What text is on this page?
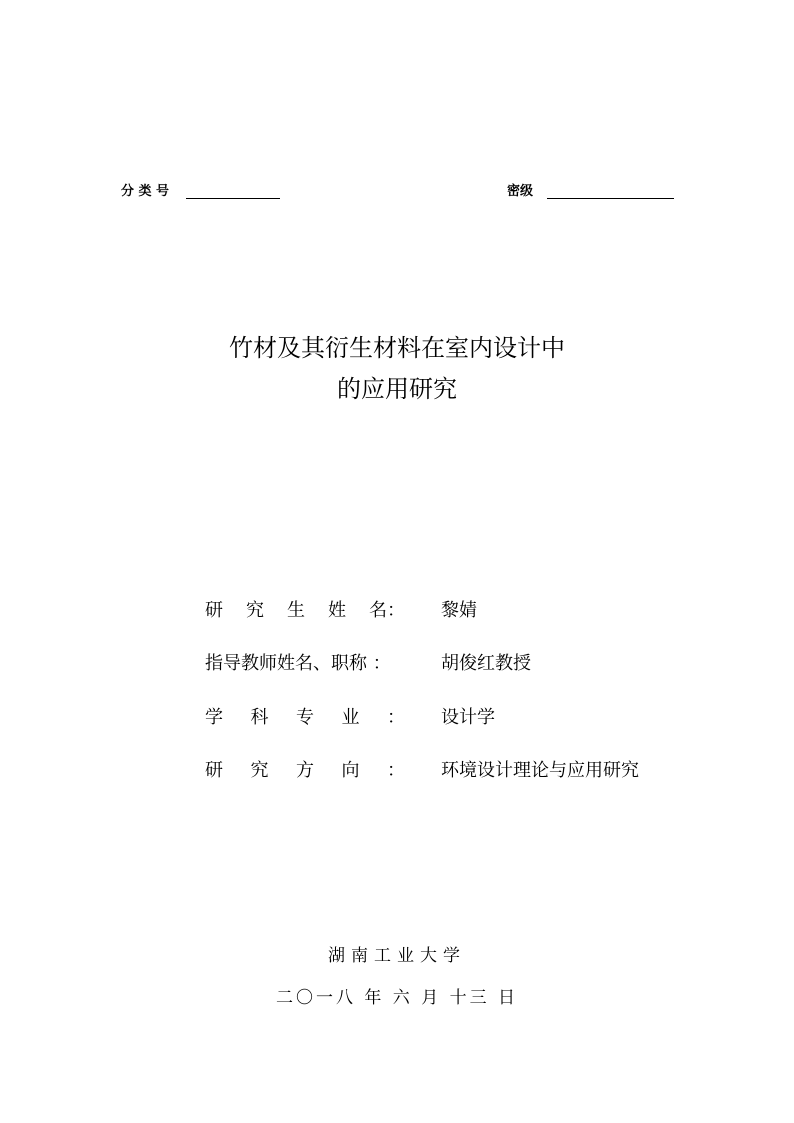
分 类 号	密级
竹材及其衍生材料在室内设计中
的应用研究
研 究 生 姓 名： 黎婧
指导教师姓名、职称 ：	胡俊红教授
学 科 专 业 ： 设计学
研 究 方 向 ： 环境设计理论与应用研究
湖南工业大学
二〇一八 年 六 月 十三 日
